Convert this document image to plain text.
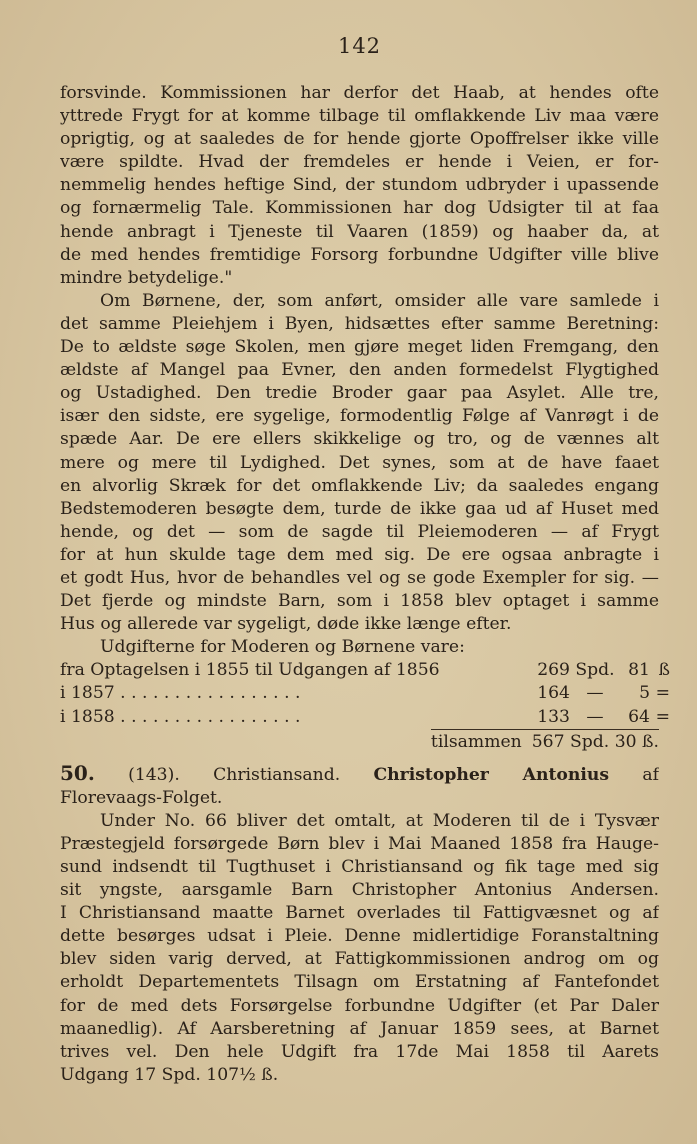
142
forsvinde. Kommissionen har derfor det Haab, at hendes ofte
yttrede Frygt for at komme tilbage til omflakkende Liv maa være
oprigtig, og at saaledes de for hende gjorte Opoffrelser ikke ville
være spildte. Hvad der fremdeles er hende i Veien, er for-
nemmelig hendes heftige Sind, der stundom udbryder i upassende
og fornærmelig Tale. Kommissionen har dog Udsigter til at faa
hende anbragt i Tjeneste til Vaaren (1859) og haaber da, at
de med hendes fremtidige Forsorg forbundne Udgifter ville blive
mindre betydelige."
Om Børnene, der, som anført, omsider alle vare samlede i
det samme Pleiehjem i Byen, hidsættes efter samme Beretning:
De to ældste søge Skolen, men gjøre meget liden Fremgang, den
ældste af Mangel paa Evner, den anden formedelst Flygtighed
og Ustadighed. Den tredie Broder gaar paa Asylet. Alle tre,
især den sidste, ere sygelige, formodentlig Følge af Vanrøgt i de
spæde Aar. De ere ellers skikkelige og tro, og de vænnes alt
mere og mere til Lydighed. Det synes, som at de have faaet
en alvorlig Skræk for det omflakkende Liv; da saaledes engang
Bedstemoderen besøgte dem, turde de ikke gaa ud af Huset med
hende, og det — som de sagde til Pleiemoderen — af Frygt
for at hun skulde tage dem med sig. De ere ogsaa anbragte i
et godt Hus, hvor de behandles vel og se gode Exempler for sig. —
Det fjerde og mindste Barn, som i 1858 blev optaget i samme
Hus og allerede var sygeligt, døde ikke længe efter.
Udgifterne for Moderen og Børnene vare:
fra Optagelsen i 1855 til Udgangen af 1856	269 Spd. 81 ß
i 1857 . . . . . . . . . . . . . . . . .	164 —	5 =
i 1858 . . . . . . . . . . . . . . . . .	133 —	64 =
tilsammen 567 Spd. 30 ß.
50. (143). Christiansand. Christopher Antonius af
Florevaags-Folget.
Under No. 66 bliver det omtalt, at Moderen til de i Tysvær
Præstegjeld forsørgede Børn blev i Mai Maaned 1858 fra Hauge-
sund indsendt til Tugthuset i Christiansand og fik tage med sig
sit yngste, aarsgamle Barn Christopher Antonius Andersen.
I Christiansand maatte Barnet overlades til Fattigvæsnet og af
dette besørges udsat i Pleie. Denne midlertidige Foranstaltning
blev siden varig derved, at Fattigkommissionen androg om og
erholdt Departementets Tilsagn om Erstatning af Fantefondet
for de med dets Forsørgelse forbundne Udgifter (et Par Daler
maanedlig). Af Aarsberetning af Januar 1859 sees, at Barnet
trives vel. Den hele Udgift fra 17de Mai 1858 til Aarets
Udgang 17 Spd. 107½ ß.
